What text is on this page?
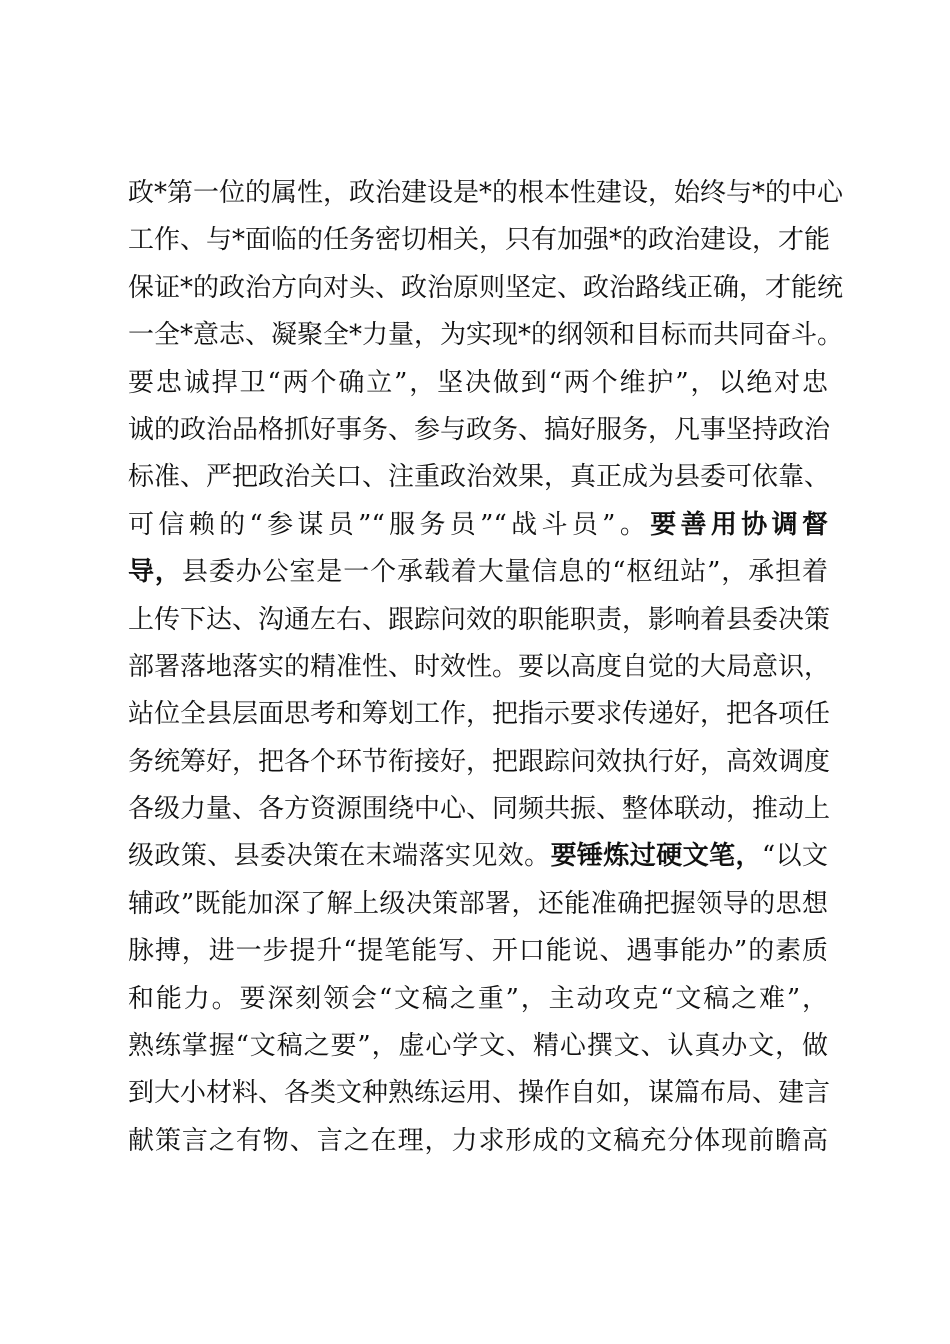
政*第一位的属性，政治建设是*的根本性建设，始终与*的中心
工作、与*面临的任务密切相关，只有加强*的政治建设，才能
保证*的政治方向对头、政治原则坚定、政治路线正确，才能统
一全*意志、凝聚全*力量，为实现*的纲领和目标而共同奋斗。
要忠诚捍卫“两个确立”，坚决做到“两个维护”，以绝对忠
诚的政治品格抓好事务、参与政务、搞好服务，凡事坚持政治
标准、严把政治关口、注重政治效果，真正成为县委可依靠、
可信赖的“参谋员”“服务员”“战斗员”。要善用协调督
导，县委办公室是一个承载着大量信息的“枢纽站”，承担着
上传下达、沟通左右、跟踪问效的职能职责，影响着县委决策
部署落地落实的精准性、时效性。要以高度自觉的大局意识，
站位全县层面思考和筹划工作，把指示要求传递好，把各项任
务统筹好，把各个环节衔接好，把跟踪问效执行好，高效调度
各级力量、各方资源围绕中心、同频共振、整体联动，推动上
级政策、县委决策在末端落实见效。要锤炼过硬文笔，“以文
辅政”既能加深了解上级决策部署，还能准确把握领导的思想
脉搏，进一步提升“提笔能写、开口能说、遇事能办”的素质
和能力。要深刻领会“文稿之重”，主动攻克“文稿之难”，
熟练掌握“文稿之要”，虚心学文、精心撰文、认真办文，做
到大小材料、各类文种熟练运用、操作自如，谋篇布局、建言
献策言之有物、言之在理，力求形成的文稿充分体现前瞻高
